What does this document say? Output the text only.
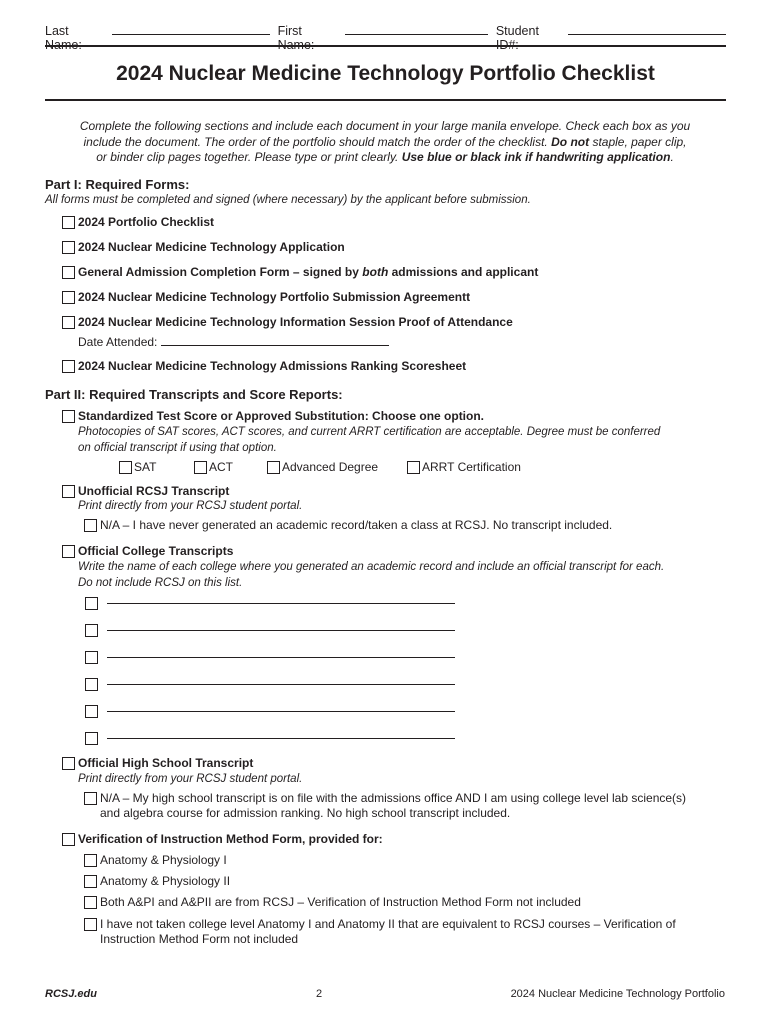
Last Name:
First Name:
Student ID#:
2024 Nuclear Medicine Technology Portfolio Checklist
Complete the following sections and include each document in your large manila envelope. Check each box as you
include the document. The order of the portfolio should match the order of the checklist. Do not staple, paper clip,
or binder clip pages together. Please type or print clearly. Use blue or black ink if handwriting application.
Part I: Required Forms:
All forms must be completed and signed (where necessary) by the applicant before submission.
2024 Portfolio Checklist
2024 Nuclear Medicine Technology Application
General Admission Completion Form – signed by both admissions and applicant
2024 Nuclear Medicine Technology Portfolio Submission Agreementt
2024 Nuclear Medicine Technology Information Session Proof of Attendance
Date Attended:
2024 Nuclear Medicine Technology Admissions Ranking Scoresheet
Part II: Required Transcripts and Score Reports:
Standardized Test Score or Approved Substitution: Choose one option.
Photocopies of SAT scores, ACT scores, and current ARRT certification are acceptable. Degree must be conferred
on official transcript if using that option.
SAT	ACT	Advanced Degree	ARRT Certification
Unofficial RCSJ Transcript
Print directly from your RCSJ student portal.
N/A – I have never generated an academic record/taken a class at RCSJ. No transcript included.
Official College Transcripts
Write the name of each college where you generated an academic record and include an official transcript for each.
Do not include RCSJ on this list.
Official High School Transcript
Print directly from your RCSJ student portal.
N/A – My high school transcript is on file with the admissions office AND I am using college level lab science(s)
and algebra course for admission ranking. No high school transcript included.
Verification of Instruction Method Form, provided for:
Anatomy & Physiology I
Anatomy & Physiology II
Both A&PI and A&PII are from RCSJ – Verification of Instruction Method Form not included
I have not taken college level Anatomy I and Anatomy II that are equivalent to RCSJ courses – Verification of
Instruction Method Form not included
RCSJ.edu	2	2024 Nuclear Medicine Technology Portfolio
